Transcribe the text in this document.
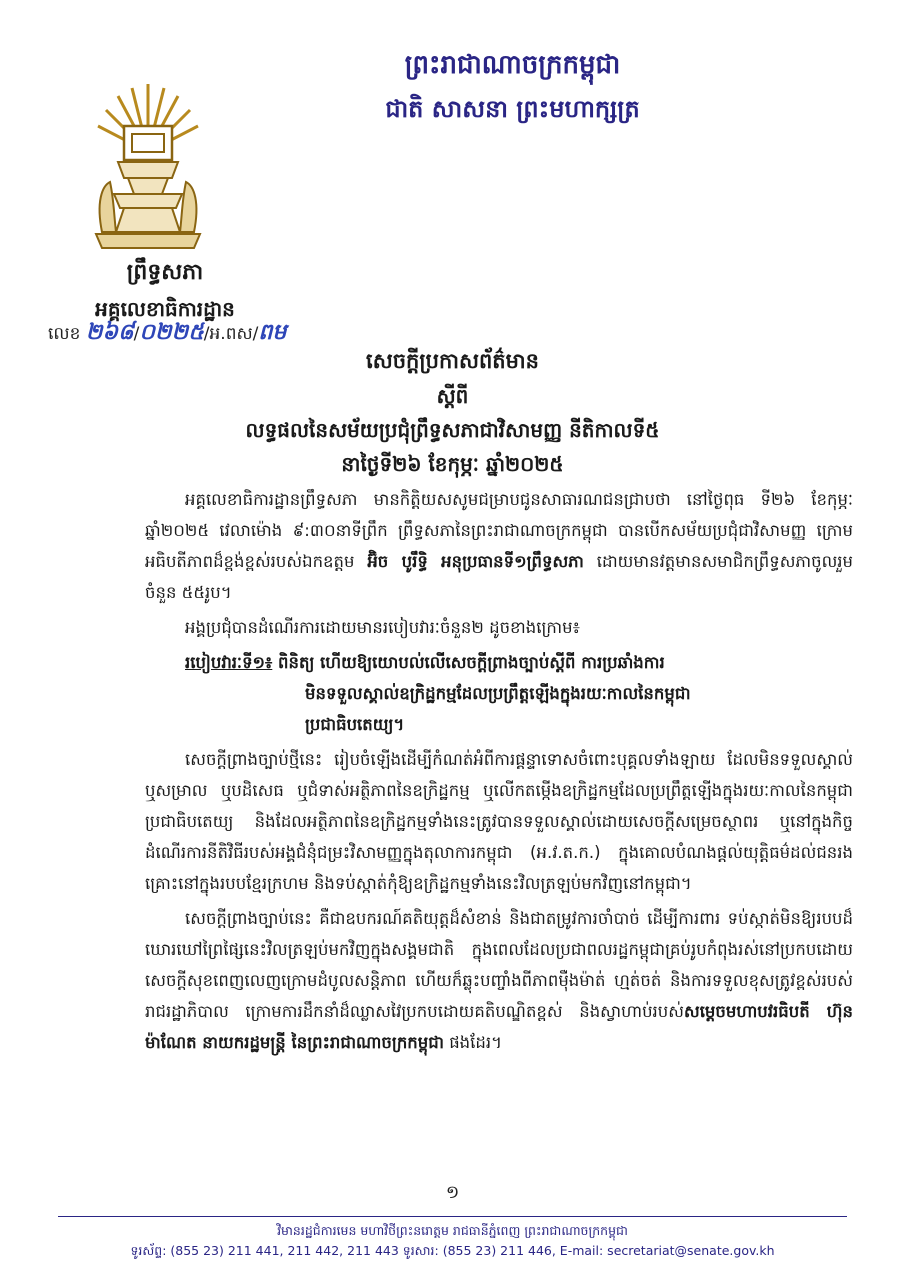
ព្រះរាជាណាចក្រកម្ពុជា
ជាតិ សាសនា ព្រះមហាក្សត្រ
ព្រឹទ្ធសភា
អគ្គលេខាធិការដ្ឋាន
លេខ ២៦៨/០២២៥/អ.ពស/ពម
សេចក្តីប្រកាសព័ត៌មាន
ស្តីពី
លទ្ធផលនៃសម័យប្រជុំព្រឹទ្ធសភាជាវិសាមញ្ញ នីតិកាលទី៥
នាថ្ងៃទី២៦ ខែកុម្ភៈ ឆ្នាំ២០២៥

អគ្គលេខាធិការដ្ឋានព្រឹទ្ធសភា មានកិត្តិយសសូមជម្រាបជូនសាធារណជនជ្រាបថា នៅថ្ងៃពុធ ទី២៦ ខែកុម្ភៈ ឆ្នាំ២០២៥ វេលាម៉ោង ៩:៣០នាទីព្រឹក ព្រឹទ្ធសភានៃព្រះរាជាណាចក្រកម្ពុជា បានបើកសម័យប្រជុំជាវិសាមញ្ញ ក្រោមអធិបតីភាពដ៏ខ្ពង់ខ្ពស់របស់ឯកឧត្តម អ៊ិច បូរឹទ្ធិ អនុប្រធានទី១ព្រឹទ្ធសភា ដោយមានវត្តមានសមាជិកព្រឹទ្ធសភាចូលរួមចំនួន ៥៥រូប។

អង្គប្រជុំបានដំណើរការដោយមានរបៀបវារៈចំនួន២ ដូចខាងក្រោម៖

របៀបវារៈទី១៖ ពិនិត្យ ហើយឱ្យយោបល់លើសេចក្តីព្រាងច្បាប់ស្តីពី ការប្រឆាំងការ
មិនទទួលស្គាល់ឧក្រិដ្ឋកម្មដែលប្រព្រឹត្តឡើងក្នុងរយៈកាលនៃកម្ពុជា
ប្រជាធិបតេយ្យ។

សេចក្តីព្រាងច្បាប់ថ្មីនេះ រៀបចំឡើងដើម្បីកំណត់អំពីការផ្តន្ទាទោសចំពោះបុគ្គលទាំងឡាយ ដែលមិនទទួលស្គាល់ ឬសម្រាល ឬបដិសេធ ឬជំទាស់អត្ថិភាពនៃឧក្រិដ្ឋកម្ម ឬលើកតម្កើងឧក្រិដ្ឋកម្មដែលប្រព្រឹត្តឡើងក្នុងរយៈកាលនៃកម្ពុជាប្រជាធិបតេយ្យ និងដែលអត្ថិភាពនៃឧក្រិដ្ឋកម្មទាំងនេះត្រូវបានទទួលស្គាល់ដោយសេចក្តីសម្រេចស្ថាពរ ឬនៅក្នុងកិច្ចដំណើរការនីតិវិធីរបស់អង្គជំនុំជម្រះវិសាមញ្ញក្នុងតុលាការកម្ពុជា (អ.វ.ត.ក.) ក្នុងគោលបំណងផ្តល់យុត្តិធម៌ដល់ជនរងគ្រោះនៅក្នុងរបបខ្មែរក្រហម និងទប់ស្កាត់កុំឱ្យឧក្រិដ្ឋកម្មទាំងនេះវិលត្រឡប់មកវិញនៅកម្ពុជា។

សេចក្តីព្រាងច្បាប់នេះ គឺជាឧបករណ៍គតិយុត្តដ៏សំខាន់ និងជាតម្រូវការចាំបាច់ ដើម្បីការពារ ទប់ស្កាត់មិនឱ្យរបបដ៏ឃោរឃៅព្រៃផ្សៃនេះវិលត្រឡប់មកវិញក្នុងសង្គមជាតិ ក្នុងពេលដែលប្រជាពលរដ្ឋកម្ពុជាគ្រប់រូបកំពុងរស់នៅប្រកបដោយសេចក្តីសុខពេញលេញក្រោមដំបូលសន្តិភាព ហើយក៏ឆ្លុះបញ្ចាំងពីភាពម៉ឺងម៉ាត់ ហ្មត់ចត់ និងការទទួលខុសត្រូវខ្ពស់របស់រាជរដ្ឋាភិបាល ក្រោមការដឹកនាំដ៏ឈ្លាសវៃប្រកបដោយគតិបណ្ឌិតខ្ពស់ និងស្វាហាប់របស់សម្តេចមហាបវរធិបតី ហ៊ុន ម៉ាណែត នាយករដ្ឋមន្ត្រី នៃព្រះរាជាណាចក្រកម្ពុជា ផងដែរ។

១
វិមានរដ្ឋជំការមេន មហាវិថីព្រះនរោត្តម រាជធានីភ្នំពេញ ព្រះរាជាណាចក្រកម្ពុជា
ទូរស័ព្ទ: (855 23) 211 441, 211 442, 211 443 ទូរសារ: (855 23) 211 446, E-mail: secretariat@senate.gov.kh
